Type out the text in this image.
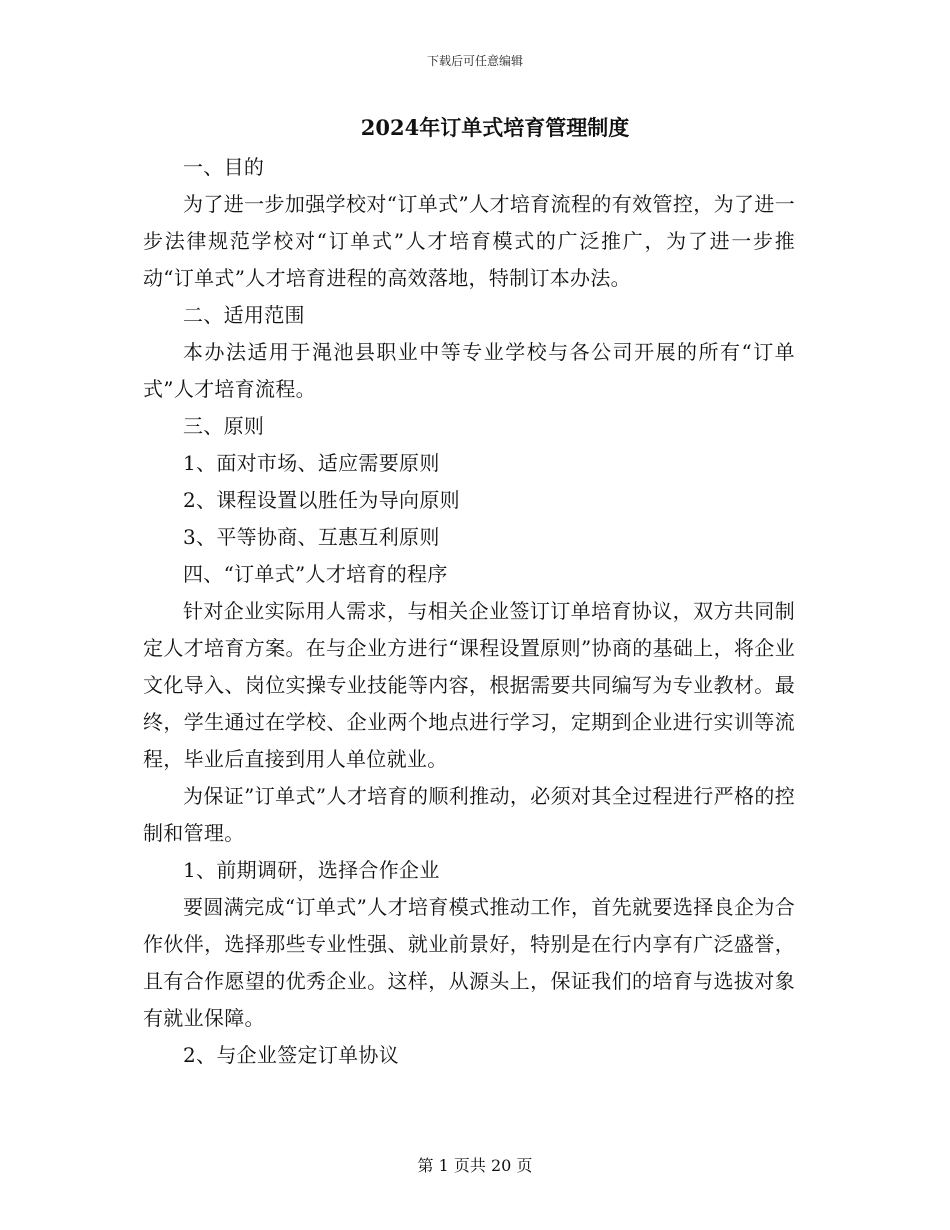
下载后可任意编辑
2024年订单式培育管理制度

一、目的

为了进一步加强学校对“订单式”人才培育流程的有效管控，为了进一步法律规范学校对“订单式”人才培育模式的广泛推广，为了进一步推动“订单式”人才培育进程的高效落地，特制订本办法。

二、适用范围

本办法适用于渑池县职业中等专业学校与各公司开展的所有“订单式”人才培育流程。

三、原则

1、面对市场、适应需要原则

2、课程设置以胜任为导向原则

3、平等协商、互惠互利原则

四、“订单式”人才培育的程序

针对企业实际用人需求，与相关企业签订订单培育协议，双方共同制定人才培育方案。在与企业方进行“课程设置原则”协商的基础上，将企业文化导入、岗位实操专业技能等内容，根据需要共同编写为专业教材。最终，学生通过在学校、企业两个地点进行学习，定期到企业进行实训等流程，毕业后直接到用人单位就业。

为保证”订单式”人才培育的顺利推动，必须对其全过程进行严格的控制和管理。

1、前期调研，选择合作企业

要圆满完成“订单式”人才培育模式推动工作，首先就要选择良企为合作伙伴，选择那些专业性强、就业前景好，特别是在行内享有广泛盛誉，且有合作愿望的优秀企业。这样，从源头上，保证我们的培育与选拔对象有就业保障。

2、与企业签定订单协议

第 1 页共 20 页
